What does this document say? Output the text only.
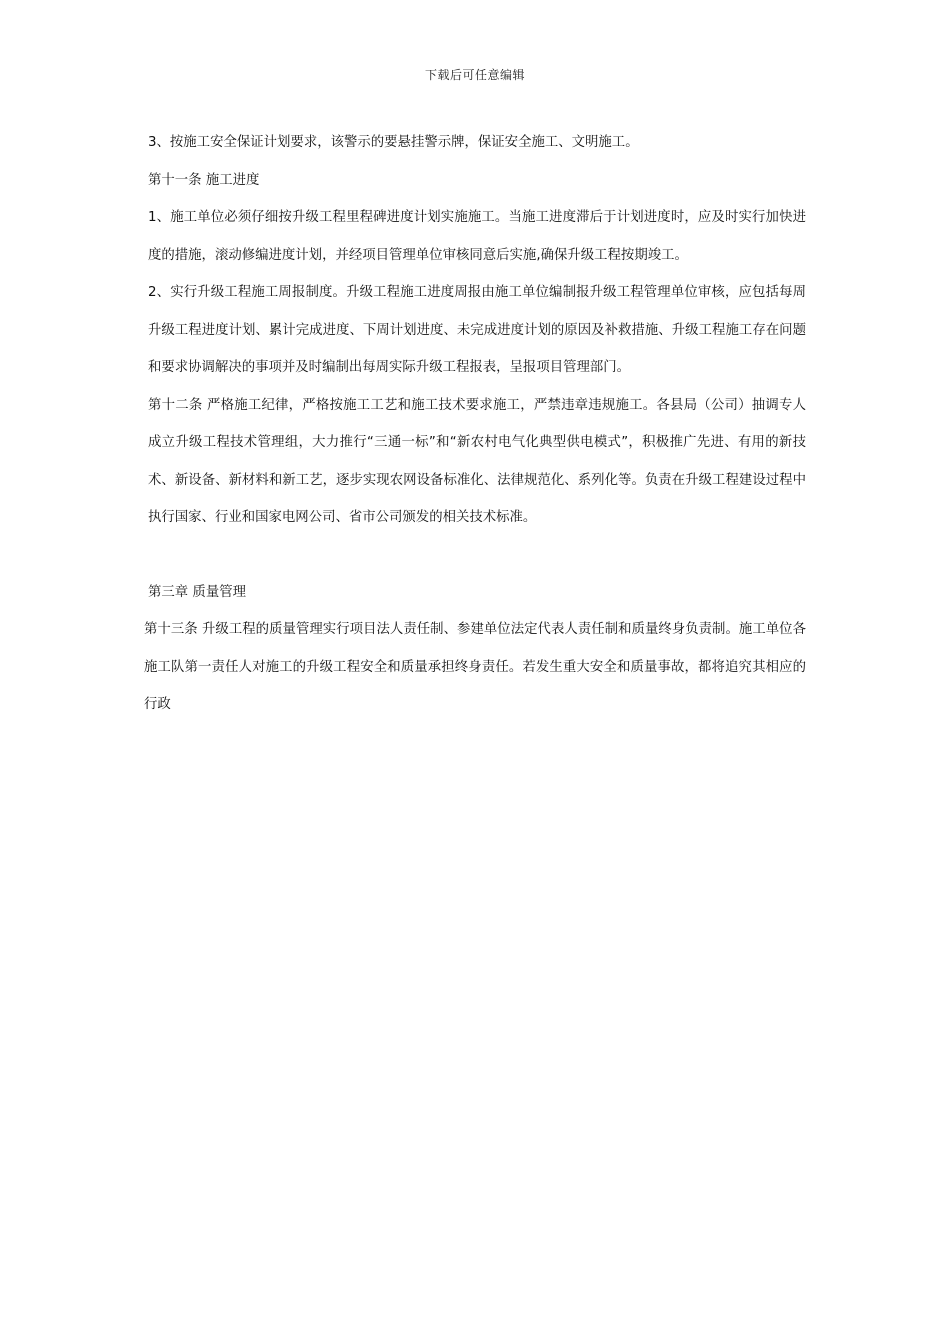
下载后可任意编辑

3、按施工安全保证计划要求，该警示的要悬挂警示牌，保证安全施工、文明施工。

第十一条 施工进度

1、施工单位必须仔细按升级工程里程碑进度计划实施施工。当施工进度滞后于计划进度时，应及时实行加快进度的措施，滚动修编进度计划，并经项目管理单位审核同意后实施,确保升级工程按期竣工。

2、实行升级工程施工周报制度。升级工程施工进度周报由施工单位编制报升级工程管理单位审核，应包括每周升级工程进度计划、累计完成进度、下周计划进度、未完成进度计划的原因及补救措施、升级工程施工存在问题和要求协调解决的事项并及时编制出每周实际升级工程报表，呈报项目管理部门。

第十二条 严格施工纪律，严格按施工工艺和施工技术要求施工，严禁违章违规施工。各县局（公司）抽调专人成立升级工程技术管理组，大力推行“三通一标”和“新农村电气化典型供电模式”，积极推广先进、有用的新技术、新设备、新材料和新工艺，逐步实现农网设备标准化、法律规范化、系列化等。负责在升级工程建设过程中执行国家、行业和国家电网公司、省市公司颁发的相关技术标准。

第三章 质量管理

第十三条 升级工程的质量管理实行项目法人责任制、参建单位法定代表人责任制和质量终身负责制。施工单位各施工队第一责任人对施工的升级工程安全和质量承担终身责任。若发生重大安全和质量事故，都将追究其相应的行政
